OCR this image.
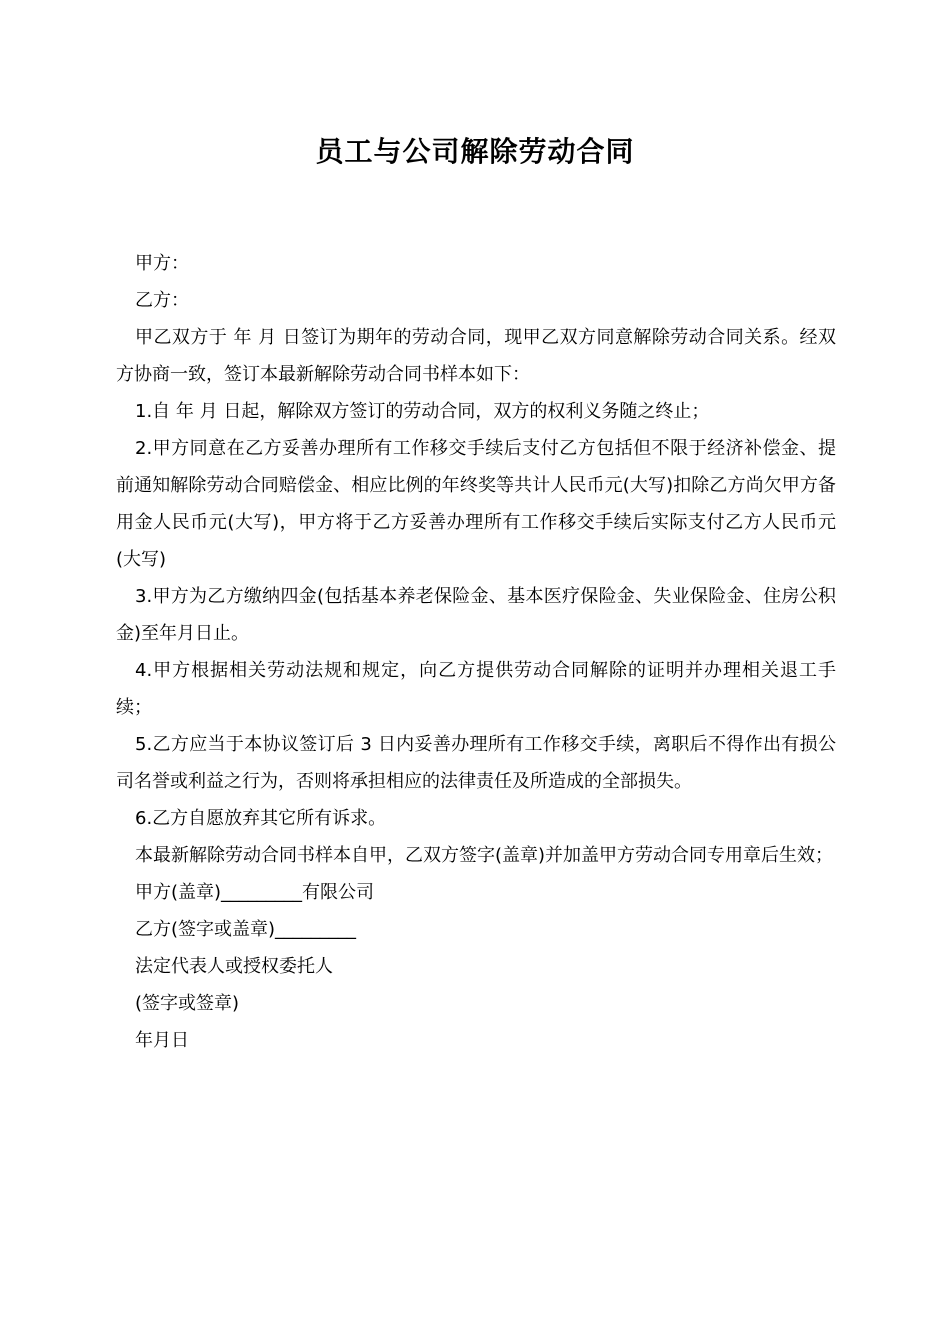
员工与公司解除劳动合同

甲方：

乙方：

甲乙双方于 年 月 日签订为期年的劳动合同，现甲乙双方同意解除劳动合同关系。经双方协商一致，签订本最新解除劳动合同书样本如下：

1.自 年 月 日起，解除双方签订的劳动合同，双方的权利义务随之终止；

2.甲方同意在乙方妥善办理所有工作移交手续后支付乙方包括但不限于经济补偿金、提前通知解除劳动合同赔偿金、相应比例的年终奖等共计人民币元(大写)扣除乙方尚欠甲方备用金人民币元(大写)，甲方将于乙方妥善办理所有工作移交手续后实际支付乙方人民币元(大写)

3.甲方为乙方缴纳四金(包括基本养老保险金、基本医疗保险金、失业保险金、住房公积金)至年月日止。

4.甲方根据相关劳动法规和规定，向乙方提供劳动合同解除的证明并办理相关退工手续；

5.乙方应当于本协议签订后 3 日内妥善办理所有工作移交手续，离职后不得作出有损公司名誉或利益之行为，否则将承担相应的法律责任及所造成的全部损失。

6.乙方自愿放弃其它所有诉求。

本最新解除劳动合同书样本自甲，乙双方签字(盖章)并加盖甲方劳动合同专用章后生效；

甲方(盖章)_________有限公司

乙方(签字或盖章)_________

法定代表人或授权委托人

(签字或签章)

年月日
